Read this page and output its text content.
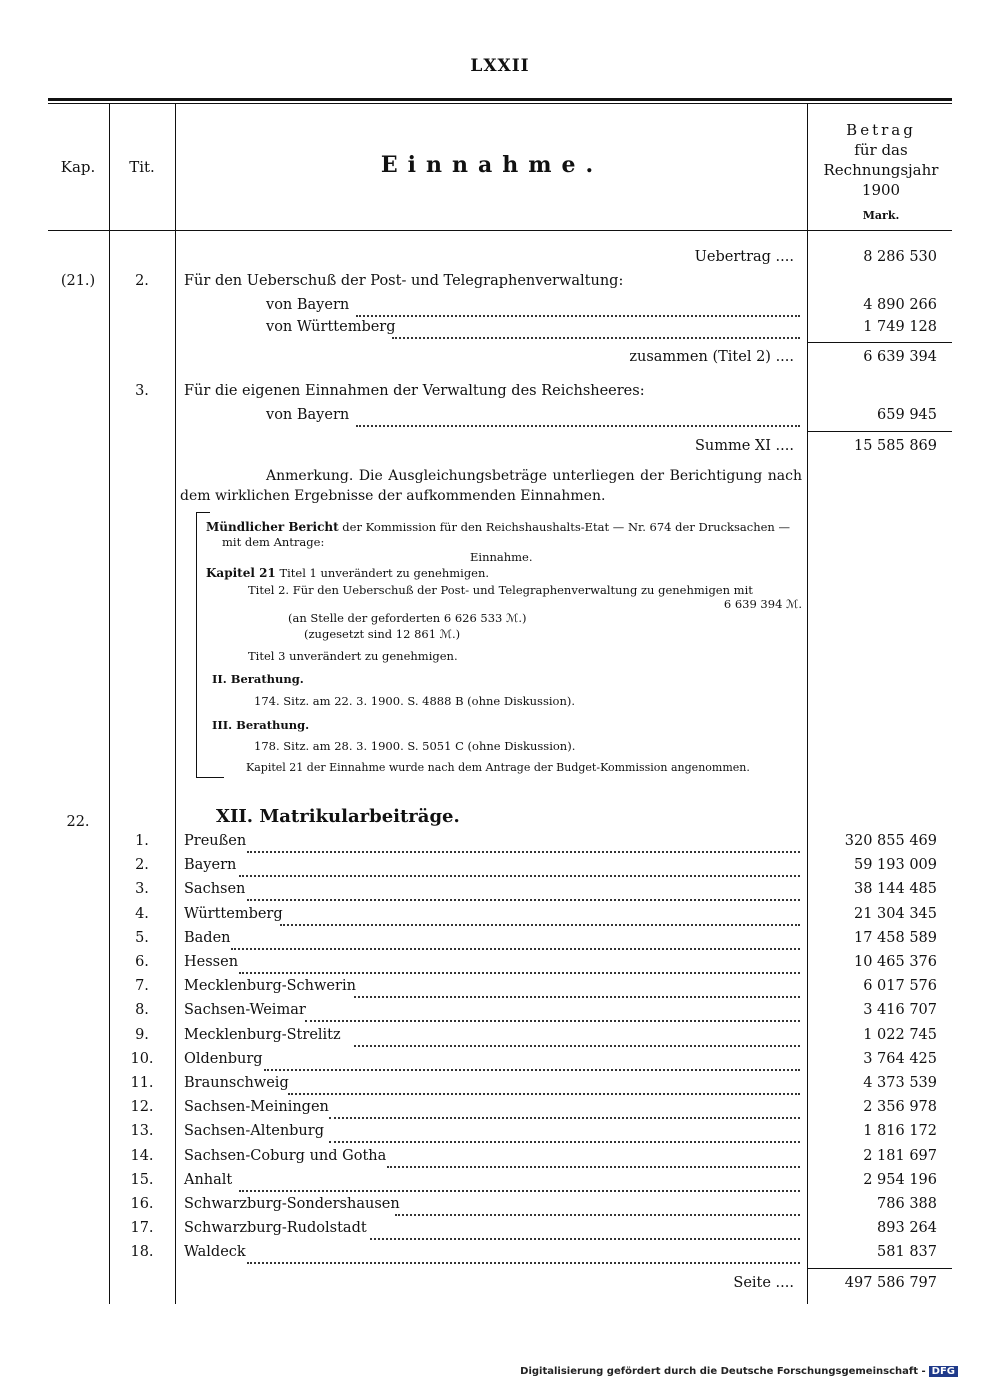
LXXII
Kap.	Tit.	Einnahme.
Betrag
für das
Rechnungsjahr
1900
Mark.
Uebertrag ....	8 286 530
(21.)	2.	Für den Ueberschuß der Post- und Telegraphenverwaltung:
von Bayern	4 890 266
von Württemberg	1 749 128
zusammen (Titel 2) ....	6 639 394
3.	Für die eigenen Einnahmen der Verwaltung des Reichsheeres:
von Bayern	659 945
Summe XI ....	15 585 869
Anmerkung. Die Ausgleichungsbeträge unterliegen der Berichtigung nach dem wirklichen Ergebnisse der aufkommenden Einnahmen.
Mündlicher Bericht der Kommission für den Reichshaushalts-Etat — Nr. 674 der Drucksachen —
mit dem Antrage:
Einnahme.
Kapitel 21 Titel 1 unverändert zu genehmigen.
Titel 2. Für den Ueberschuß der Post- und Telegraphenverwaltung zu genehmigen mit
6 639 394 ℳ.
(an Stelle der geforderten 6 626 533 ℳ.)
(zugesetzt sind 12 861 ℳ.)
Titel 3 unverändert zu genehmigen.
II. Berathung.
174. Sitz. am 22. 3. 1900. S. 4888 B (ohne Diskussion).
III. Berathung.
178. Sitz. am 28. 3. 1900. S. 5051 C (ohne Diskussion).
Kapitel 21 der Einnahme wurde nach dem Antrage der Budget-Kommission angenommen.
22.	XII. Matrikularbeiträge.
1.	Preußen	320 855 469
2.	Bayern	59 193 009
3.	Sachsen	38 144 485
4.	Württemberg	21 304 345
5.	Baden	17 458 589
6.	Hessen	10 465 376
7.	Mecklenburg-Schwerin	6 017 576
8.	Sachsen-Weimar	3 416 707
9.	Mecklenburg-Strelitz	1 022 745
10.	Oldenburg	3 764 425
11.	Braunschweig	4 373 539
12.	Sachsen-Meiningen	2 356 978
13.	Sachsen-Altenburg	1 816 172
14.	Sachsen-Coburg und Gotha	2 181 697
15.	Anhalt	2 954 196
16.	Schwarzburg-Sondershausen	786 388
17.	Schwarzburg-Rudolstadt	893 264
18.	Waldeck	581 837
Seite ....	497 586 797
Digitalisierung gefördert durch die Deutsche Forschungsgemeinschaft - DFG
